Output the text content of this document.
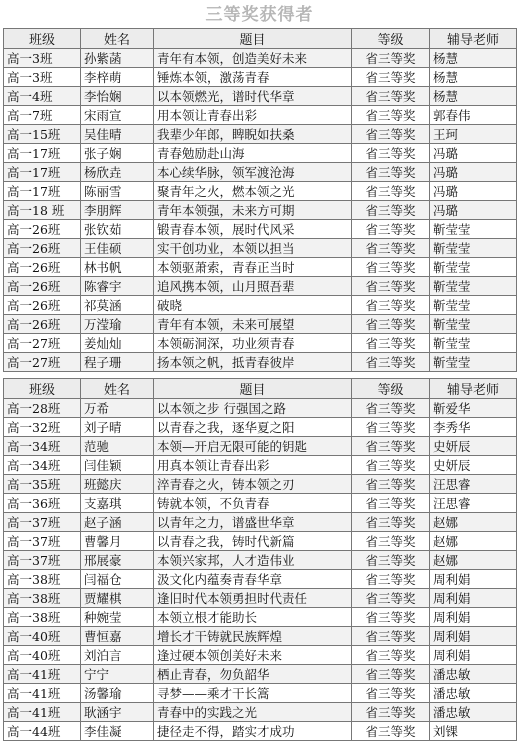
三等奖获得者
班级	姓名	题目	等级	辅导老师
高一3班	孙紫菡	青年有本领，创造美好未来	省三等奖	杨慧
高一3班	李梓萌	锤炼本领，激荡青春	省三等奖	杨慧
高一4班	李怡娴	以本领燃光，谱时代华章	省三等奖	杨慧
高一7班	宋雨宣	用本领让青春出彩	省三等奖	郭春伟
高一15班	吴佳晴	我辈少年郎，睥睨如扶桑	省三等奖	王珂
高一17班	张子娴	青春勉励赴山海	省三等奖	冯璐
高一17班	杨欣垚	本心续华脉，领军渡沧海	省三等奖	冯璐
高一17班	陈丽雪	聚青年之火，燃本领之光	省三等奖	冯璐
高一18 班	李朋辉	青年本领强，未来方可期	省三等奖	冯璐
高一26班	张钦茹	锻青春本领，展时代风采	省三等奖	靳莹莹
高一26班	王佳硕	实干创功业，本领以担当	省三等奖	靳莹莹
高一26班	林书帆	本领驱萧索，青春正当时	省三等奖	靳莹莹
高一26班	陈睿宇	追风携本领，山月照吾辈	省三等奖	靳莹莹
高一26班	祁莫涵	破晓	省三等奖	靳莹莹
高一26班	万滢瑜	青年有本领，未来可展望	省三等奖	靳莹莹
高一27班	姜灿灿	本领砺洞深，功业须青春	省三等奖	靳莹莹
高一27班	程子珊	扬本领之帆，抵青春彼岸	省三等奖	靳莹莹
班级	姓名	题目	等级	辅导老师
高一28班	万希	以本领之步 行强国之路	省三等奖	靳爱华
高一32班	刘子晴	以青春之我，逐华夏之阳	省三等奖	李秀华
高一34班	范驰	本领—开启无限可能的钥匙	省三等奖	史妍辰
高一34班	闫佳颖	用真本领让青春出彩	省三等奖	史妍辰
高一35班	班懿庆	淬青春之火，铸本领之刃	省三等奖	汪思睿
高一36班	支嘉琪	铸就本领，不负青春	省三等奖	汪思睿
高一37班	赵子涵	以青年之力，谱盛世华章	省三等奖	赵娜
高一37班	曹馨月	以青春之我，铸时代新篇	省三等奖	赵娜
高一37班	邢展豪	本领兴家邦，人才造伟业	省三等奖	赵娜
高一38班	闫福仓	汲文化内蕴奏青春华章	省三等奖	周利娟
高一38班	贾耀棋	逢旧时代本领勇担时代责任	省三等奖	周利娟
高一38班	种婉莹	本领立根才能助长	省三等奖	周利娟
高一40班	曹恒嘉	增长才干铸就民族辉煌	省三等奖	周利娟
高一40班	刘泊言	逢过硬本领创美好未来	省三等奖	周利娟
高一41班	宁宁	栖止青春，勿负韶华	省三等奖	潘忠敏
高一41班	汤馨瑜	寻梦——乘才干长篙	省三等奖	潘忠敏
高一41班	耿涵宇	青春中的实践之光	省三等奖	潘忠敏
高一44班	李佳凝	捷径走不得，踏实才成功	省三等奖	刘锞
